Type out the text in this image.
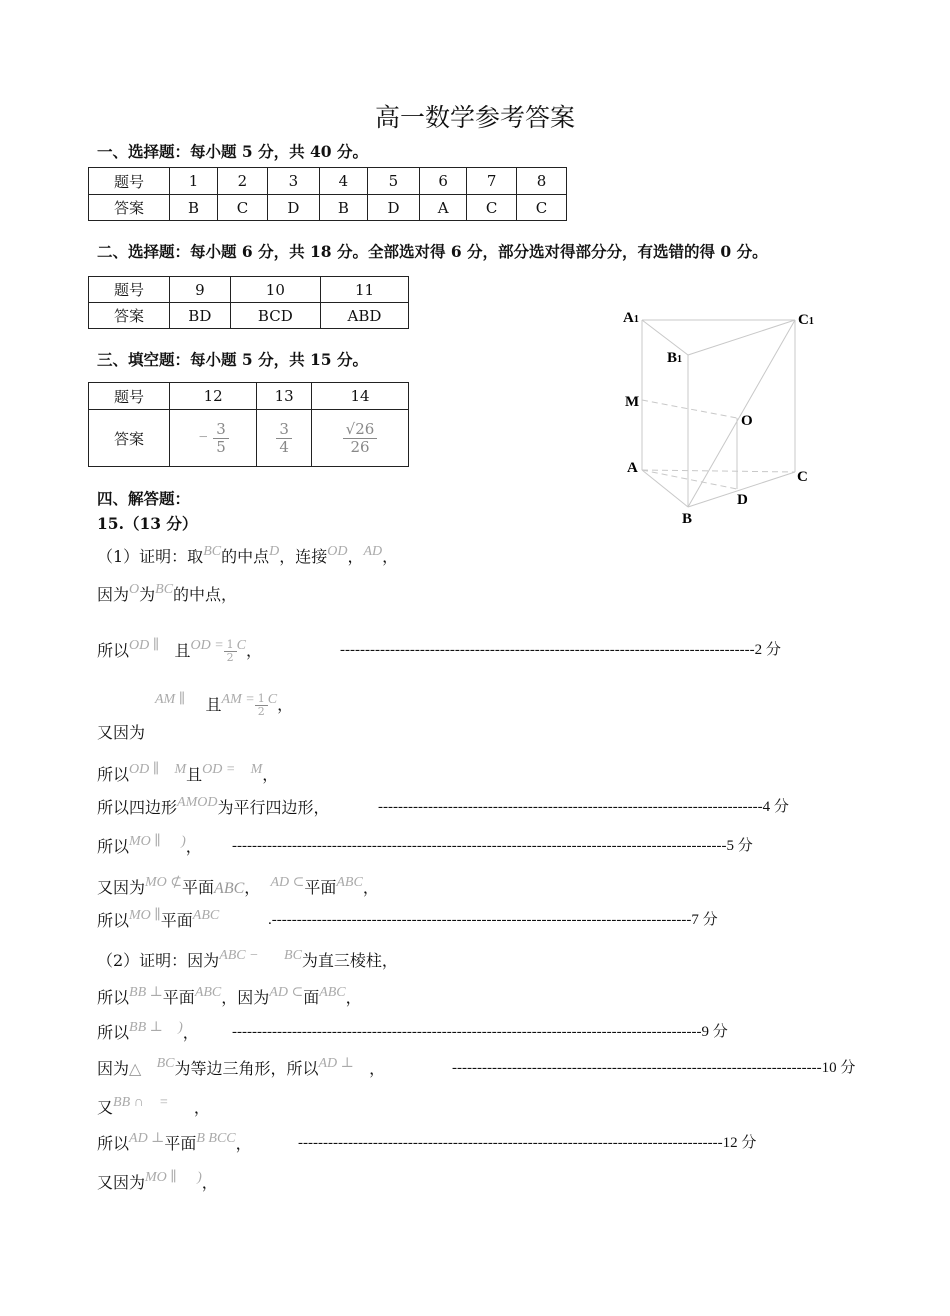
高一数学参考答案
一、选择题：每小题 5 分，共 40 分。
题号	1	2	3	4	5	6	7	8
答案	B	C	D	B	D	A	C	C
二、选择题：每小题 6 分，共 18 分。全部选对得 6 分，部分选对得部分分，有选错的得 0 分。
题号	9	10	11
答案	BD	BCD	ABD
三、填空题：每小题 5 分，共 15 分。
题号	12	13	14
答案	− $\frac{3}{5}$	$\frac{3}{4}$	$\frac{√26}{26}$
四、解答题：
15.（13 分）
A1
B1
C1
M
O
A
C
D
B
（1）证明：取BC的中点D，连接OD，AD，
因为O为BC的中点，
所以OD ∥ 且OD = $\frac{1}{2}$ C，	-----------------------------------------------------------------------------------2 分
AM ∥ 且AM = $\frac{1}{2}$ C，
又因为
所以OD ∥ M且OD = M，
所以四边形AMOD为平行四边形，	-----------------------------------------------------------------------------4 分
所以MO ∥ )， ---------------------------------------------------------------------------------------------------5 分
又因为MO ⊄平面ABC， AD ⊂平面ABC，
所以MO ∥平面ABC	.------------------------------------------------------------------------------------7 分
（2）证明：因为ABC − BC为直三棱柱，
所以BB ⊥平面ABC，因为AD ⊂面ABC，
所以BB ⊥ )， ----------------------------------------------------------------------------------------------9 分
因为△ BC为等边三角形，所以AD ⊥ ，	--------------------------------------------------------------------------10 分
又BB ∩ = ，
所以AD ⊥平面B BCC，	-------------------------------------------------------------------------------------12 分
又因为MO ∥ )，
